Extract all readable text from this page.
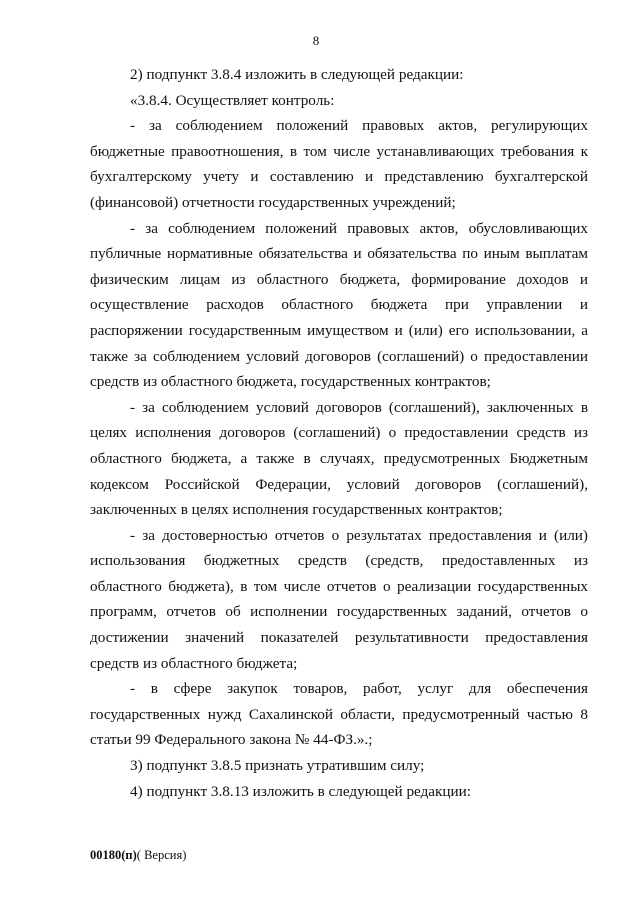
8

2) подпункт 3.8.4 изложить в следующей редакции:

«3.8.4. Осуществляет контроль:

- за соблюдением положений правовых актов, регулирующих бюджетные правоотношения, в том числе устанавливающих требования к бухгалтерскому учету и составлению и представлению бухгалтерской (финансовой) отчетности государственных учреждений;

- за соблюдением положений правовых актов, обусловливающих публичные нормативные обязательства и обязательства по иным выплатам физическим лицам из областного бюджета, формирование доходов и осуществление расходов областного бюджета при управлении и распоряжении государственным имуществом и (или) его использовании, а также за соблюдением условий договоров (соглашений) о предоставлении средств из областного бюджета, государственных контрактов;

- за соблюдением условий договоров (соглашений), заключенных в целях исполнения договоров (соглашений) о предоставлении средств из областного бюджета, а также в случаях, предусмотренных Бюджетным кодексом Российской Федерации, условий договоров (соглашений), заключенных в целях исполнения государственных контрактов;

- за достоверностью отчетов о результатах предоставления и (или) использования бюджетных средств (средств, предоставленных из областного бюджета), в том числе отчетов о реализации государственных программ, отчетов об исполнении государственных заданий, отчетов о достижении значений показателей результативности предоставления средств из областного бюджета;

- в сфере закупок товаров, работ, услуг для обеспечения государственных нужд Сахалинской области, предусмотренный частью 8 статьи 99 Федерального закона № 44-ФЗ.».;

3) подпункт 3.8.5 признать утратившим силу;

4) подпункт 3.8.13 изложить в следующей редакции:

00180(п)( Версия)
